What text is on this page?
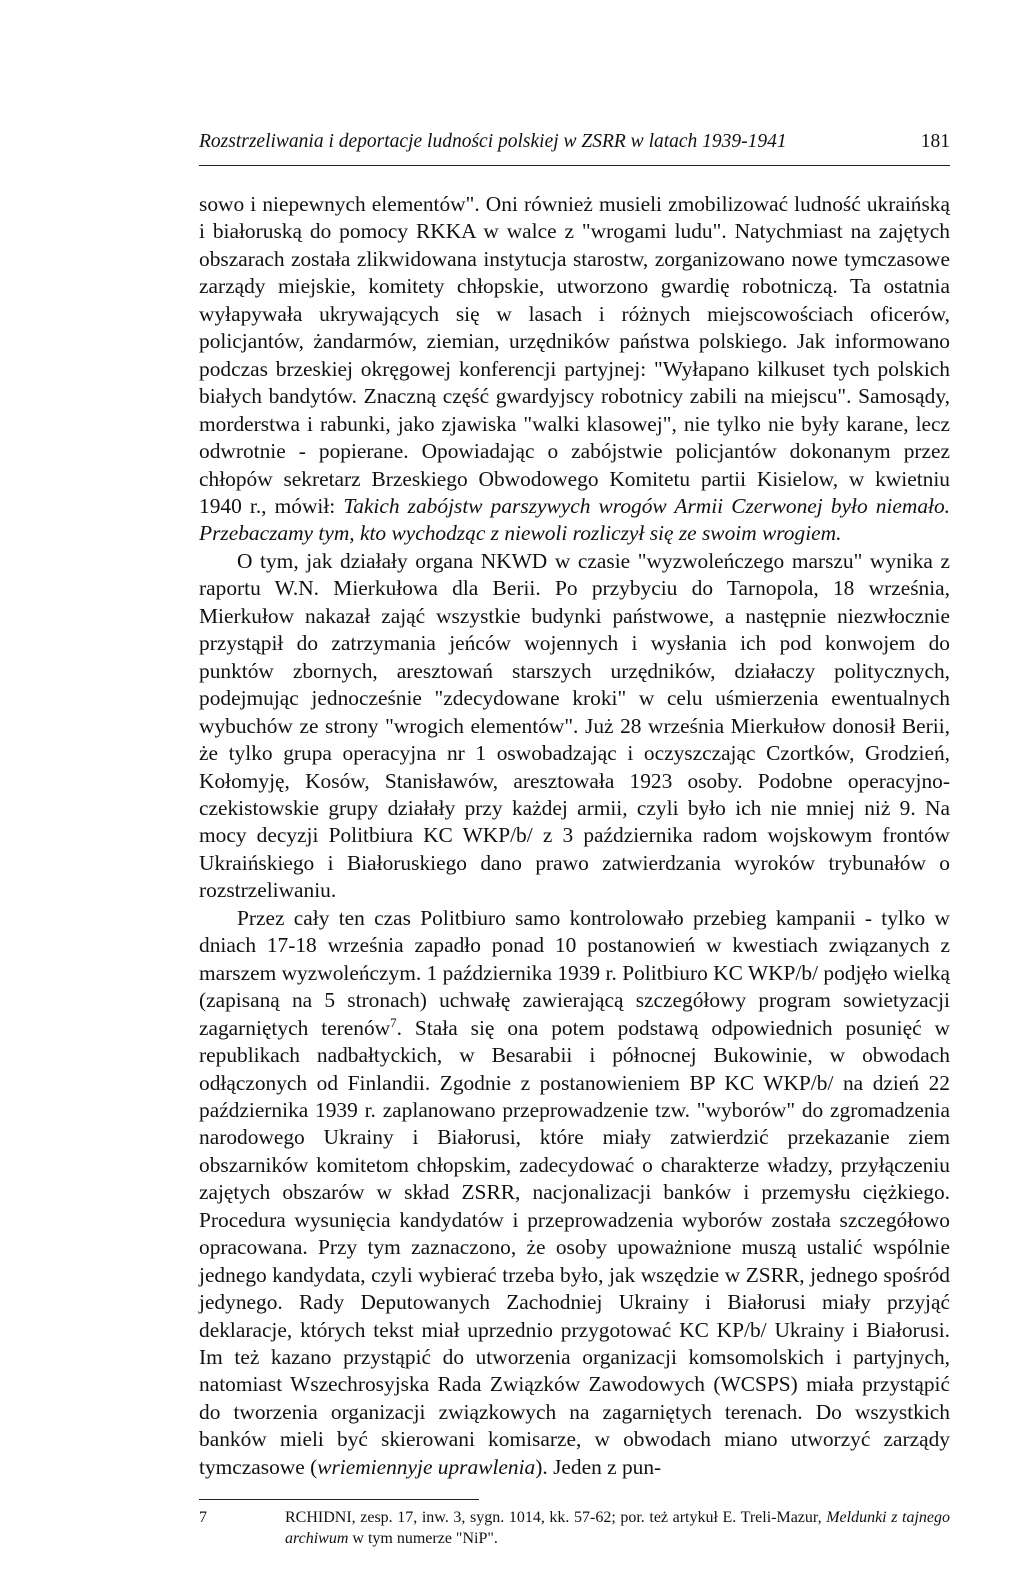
Rozstrzeliwania i deportacje ludności polskiej w ZSRR w latach 1939-1941	181

sowo i niepewnych elementów". Oni również musieli zmobilizować ludność ukraińską i białoruską do pomocy RKKA w walce z "wrogami ludu". Natychmiast na zajętych obszarach została zlikwidowana instytucja starostw, zorganizowano nowe tymczasowe zarządy miejskie, komitety chłopskie, utworzono gwardię robotniczą. Ta ostatnia wyłapywała ukrywających się w lasach i różnych miejscowościach oficerów, policjantów, żandarmów, ziemian, urzędników państwa polskiego. Jak informowano podczas brzeskiej okręgowej konferencji partyjnej: "Wyłapano kilkuset tych polskich białych bandytów. Znaczną część gwardyjscy robotnicy zabili na miejscu". Samosądy, morderstwa i rabunki, jako zjawiska "walki klasowej", nie tylko nie były karane, lecz odwrotnie - popierane. Opowiadając o zabójstwie policjantów dokonanym przez chłopów sekretarz Brzeskiego Obwodowego Komitetu partii Kisielow, w kwietniu 1940 r., mówił: Takich zabójstw parszywych wrogów Armii Czerwonej było niemało. Przebaczamy tym, kto wychodząc z niewoli rozliczył się ze swoim wrogiem.

O tym, jak działały organa NKWD w czasie "wyzwoleńczego marszu" wynika z raportu W.N. Mierkułowa dla Berii. Po przybyciu do Tarnopola, 18 września, Mierkułow nakazał zająć wszystkie budynki państwowe, a następnie niezwłocznie przystąpił do zatrzymania jeńców wojennych i wysłania ich pod konwojem do punktów zbornych, aresztowań starszych urzędników, działaczy politycznych, podejmując jednocześnie "zdecydowane kroki" w celu uśmierzenia ewentualnych wybuchów ze strony "wrogich elementów". Już 28 września Mierkułow donosił Berii, że tylko grupa operacyjna nr 1 oswobadzając i oczyszczając Czortków, Grodzień, Kołomyję, Kosów, Stanisławów, aresztowała 1923 osoby. Podobne operacyjno-czekistowskie grupy działały przy każdej armii, czyli było ich nie mniej niż 9. Na mocy decyzji Politbiura KC WKP/b/ z 3 października radom wojskowym frontów Ukraińskiego i Białoruskiego dano prawo zatwierdzania wyroków trybunałów o rozstrzeliwaniu.

Przez cały ten czas Politbiuro samo kontrolowało przebieg kampanii - tylko w dniach 17-18 września zapadło ponad 10 postanowień w kwestiach związanych z marszem wyzwoleńczym. 1 października 1939 r. Politbiuro KC WKP/b/ podjęło wielką (zapisaną na 5 stronach) uchwałę zawierającą szczegółowy program sowietyzacji zagarniętych terenów$^7$. Stała się ona potem podstawą odpowiednich posunięć w republikach nadbałtyckich, w Besarabii i północnej Bukowinie, w obwodach odłączonych od Finlandii. Zgodnie z postanowieniem BP KC WKP/b/ na dzień 22 października 1939 r. zaplanowano przeprowadzenie tzw. "wyborów" do zgromadzenia narodowego Ukrainy i Białorusi, które miały zatwierdzić przekazanie ziem obszarników komitetom chłopskim, zadecydować o charakterze władzy, przyłączeniu zajętych obszarów w skład ZSRR, nacjonalizacji banków i przemysłu ciężkiego. Procedura wysunięcia kandydatów i przeprowadzenia wyborów została szczegółowo opracowana. Przy tym zaznaczono, że osoby upoważnione muszą ustalić wspólnie jednego kandydata, czyli wybierać trzeba było, jak wszędzie w ZSRR, jednego spośród jedynego. Rady Deputowanych Zachodniej Ukrainy i Białorusi miały przyjąć deklaracje, których tekst miał uprzednio przygotować KC KP/b/ Ukrainy i Białorusi. Im też kazano przystąpić do utworzenia organizacji komsomolskich i partyjnych, natomiast Wszechrosyjska Rada Związków Zawodowych (WCSPS) miała przystąpić do tworzenia organizacji związkowych na zagarniętych terenach. Do wszystkich banków mieli być skierowani komisarze, w obwodach miano utworzyć zarządy tymczasowe (wriemiennyje uprawlenia). Jeden z pun-

7	RCHIDNI, zesp. 17, inw. 3, sygn. 1014, kk. 57-62; por. też artykuł E. Treli-Mazur, Meldunki z tajnego archiwum w tym numerze "NiP".
